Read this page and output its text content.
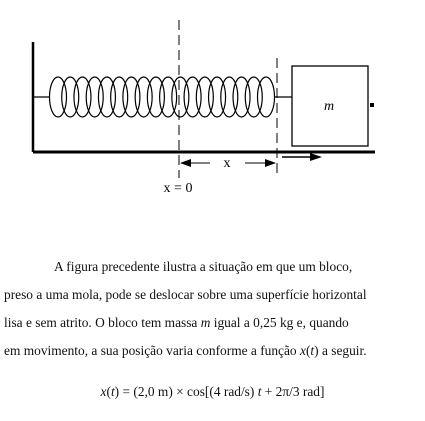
m
x
x = 0

A figura precedente ilustra a situação em que um bloco,
preso a uma mola, pode se deslocar sobre uma superfície horizontal
lisa e sem atrito. O bloco tem massa m igual a 0,25 kg e, quando
em movimento, a sua posição varia conforme a função x(t) a seguir.

x(t) = (2,0 m) × cos[(4 rad/s) t + 2π/3 rad]
